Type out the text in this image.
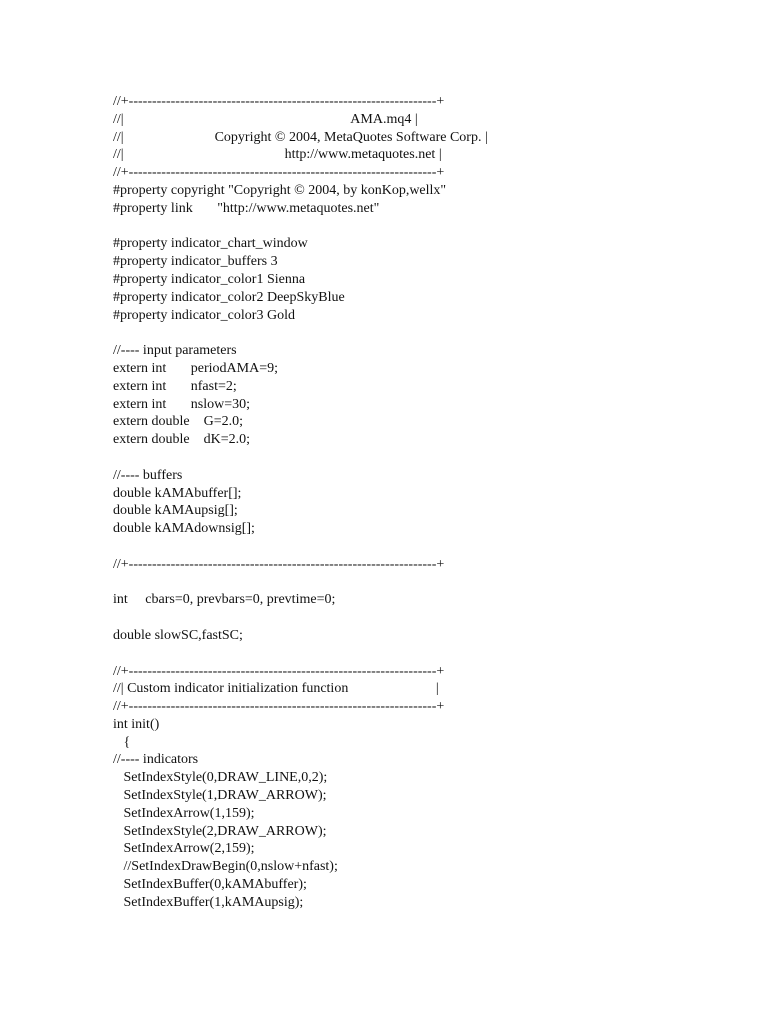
//+------------------------------------------------------------------+
//|                                                                 AMA.mq4 |
//|                          Copyright © 2004, MetaQuotes Software Corp. |
//|                                              http://www.metaquotes.net |
//+------------------------------------------------------------------+
#property copyright "Copyright © 2004, by konKop,wellx"
#property link       "http://www.metaquotes.net"
#property indicator_chart_window
#property indicator_buffers 3
#property indicator_color1 Sienna
#property indicator_color2 DeepSkyBlue
#property indicator_color3 Gold
//---- input parameters
extern int       periodAMA=9;
extern int       nfast=2;
extern int       nslow=30;
extern double    G=2.0;
extern double    dK=2.0;
//---- buffers
double kAMAbuffer[];
double kAMAupsig[];
double kAMAdownsig[];
//+------------------------------------------------------------------+
int     cbars=0, prevbars=0, prevtime=0;
double slowSC,fastSC;
//+------------------------------------------------------------------+
//| Custom indicator initialization function                         |
//+------------------------------------------------------------------+
int init()
{
//---- indicators
SetIndexStyle(0,DRAW_LINE,0,2);
SetIndexStyle(1,DRAW_ARROW);
SetIndexArrow(1,159);
SetIndexStyle(2,DRAW_ARROW);
SetIndexArrow(2,159);
//SetIndexDrawBegin(0,nslow+nfast);
SetIndexBuffer(0,kAMAbuffer);
SetIndexBuffer(1,kAMAupsig);
